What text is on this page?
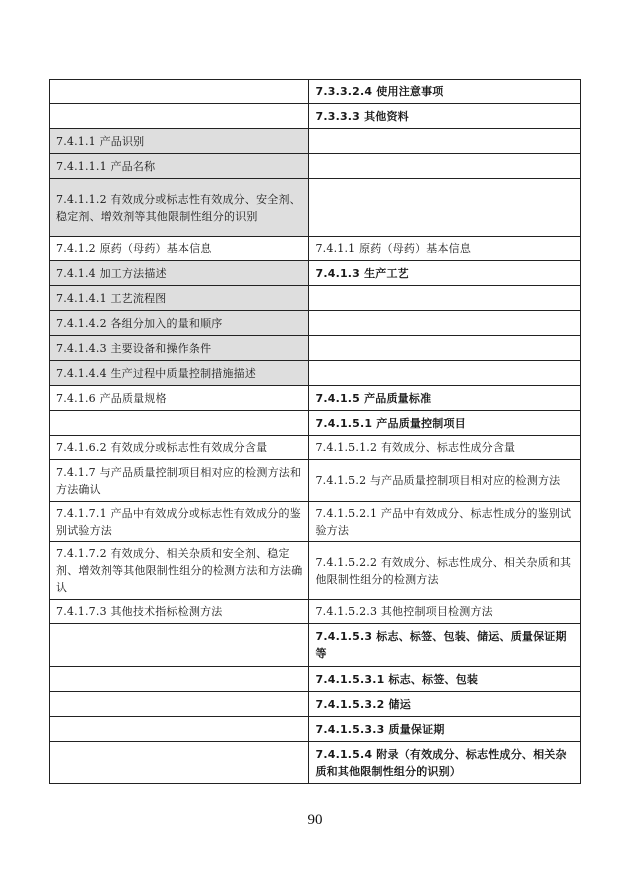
	7.3.3.2.4 使用注意事项
	7.3.3.3 其他资料
7.4.1.1 产品识别	
7.4.1.1.1 产品名称	
7.4.1.1.2 有效成分或标志性有效成分、安全剂、稳定剂、增效剂等其他限制性组分的识别	
7.4.1.2 原药（母药）基本信息	7.4.1.1 原药（母药）基本信息
7.4.1.4 加工方法描述	7.4.1.3 生产工艺
7.4.1.4.1 工艺流程图	
7.4.1.4.2 各组分加入的量和顺序	
7.4.1.4.3 主要设备和操作条件	
7.4.1.4.4 生产过程中质量控制措施描述	
7.4.1.6 产品质量规格	7.4.1.5 产品质量标准
	7.4.1.5.1 产品质量控制项目
7.4.1.6.2 有效成分或标志性有效成分含量	7.4.1.5.1.2 有效成分、标志性成分含量
7.4.1.7 与产品质量控制项目相对应的检测方法和方法确认	7.4.1.5.2 与产品质量控制项目相对应的检测方法
7.4.1.7.1 产品中有效成分或标志性有效成分的鉴别试验方法	7.4.1.5.2.1 产品中有效成分、标志性成分的鉴别试验方法
7.4.1.7.2 有效成分、相关杂质和安全剂、稳定剂、增效剂等其他限制性组分的检测方法和方法确认	7.4.1.5.2.2 有效成分、标志性成分、相关杂质和其他限制性组分的检测方法
7.4.1.7.3 其他技术指标检测方法	7.4.1.5.2.3 其他控制项目检测方法
	7.4.1.5.3 标志、标签、包装、储运、质量保证期等
	7.4.1.5.3.1 标志、标签、包装
	7.4.1.5.3.2 储运
	7.4.1.5.3.3 质量保证期
	7.4.1.5.4 附录（有效成分、标志性成分、相关杂质和其他限制性组分的识别）
90
